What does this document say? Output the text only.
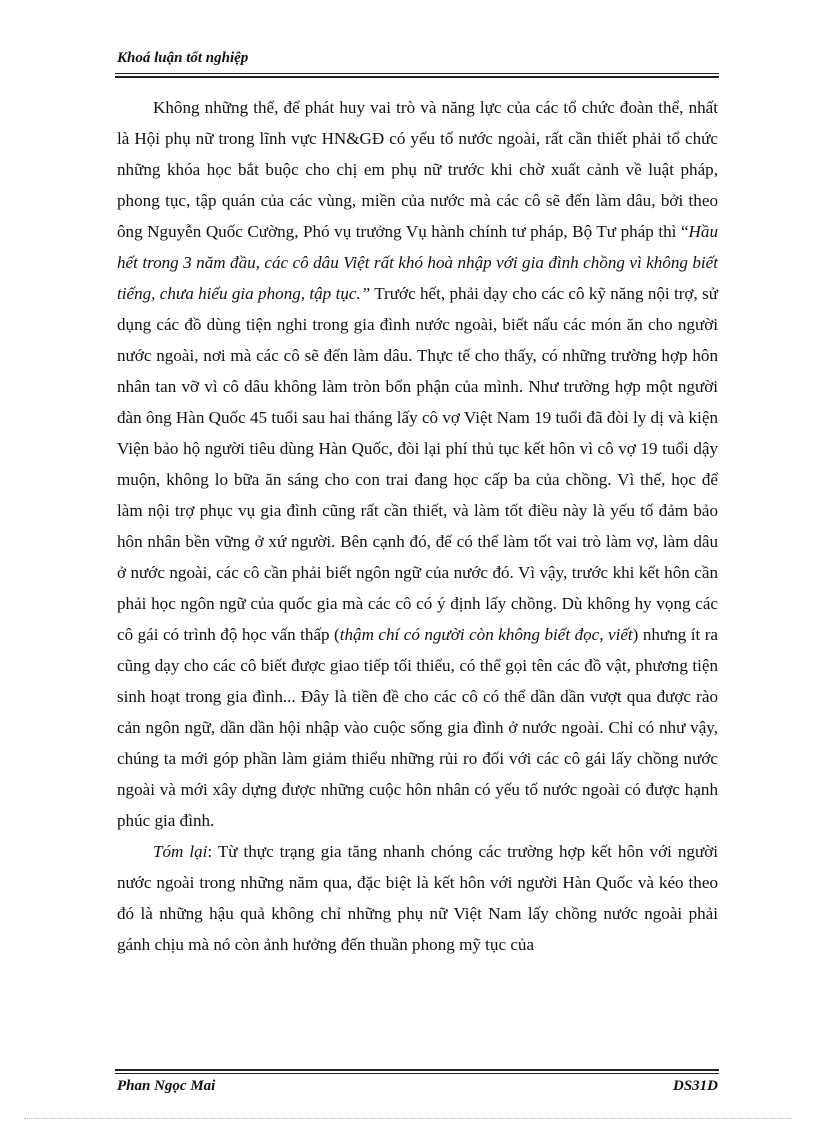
Khoá luận tốt nghiệp

Không những thế, để phát huy vai trò và năng lực của các tổ chức đoàn thể, nhất là Hội phụ nữ trong lĩnh vực HN&GĐ có yếu tố nước ngoài, rất cần thiết phải tổ chức những khóa học bắt buộc cho chị em phụ nữ trước khi chờ xuất cảnh về luật pháp, phong tục, tập quán của các vùng, miền của nước mà các cô sẽ đến làm dâu, bởi theo ông Nguyễn Quốc Cường, Phó vụ trưởng Vụ hành chính tư pháp, Bộ Tư pháp thì “Hầu hết trong 3 năm đầu, các cô dâu Việt rất khó hoà nhập với gia đình chồng vì không biết tiếng, chưa hiểu gia phong, tập tục.” Trước hết, phải dạy cho các cô kỹ năng nội trợ, sử dụng các đồ dùng tiện nghi trong gia đình nước ngoài, biết nấu các món ăn cho người nước ngoài, nơi mà các cô sẽ đến làm dâu. Thực tế cho thấy, có những trường hợp hôn nhân tan vỡ vì cô dâu không làm tròn bổn phận của mình. Như trường hợp một người đàn ông Hàn Quốc 45 tuổi sau hai tháng lấy cô vợ Việt Nam 19 tuổi đã đòi ly dị và kiện Viện bảo hộ người tiêu dùng Hàn Quốc, đòi lại phí thủ tục kết hôn vì cô vợ 19 tuổi dậy muộn, không lo bữa ăn sáng cho con trai đang học cấp ba của chồng. Vì thế, học để làm nội trợ phục vụ gia đình cũng rất cần thiết, và làm tốt điều này là yếu tố đảm bảo hôn nhân bền vững ở xứ người. Bên cạnh đó, để có thể làm tốt vai trò làm vợ, làm dâu ở nước ngoài, các cô cần phải biết ngôn ngữ của nước đó. Vì vậy, trước khi kết hôn cần phải học ngôn ngữ của quốc gia mà các cô có ý định lấy chồng. Dù không hy vọng các cô gái có trình độ học vấn thấp (thậm chí có người còn không biết đọc, viết) nhưng ít ra cũng dạy cho các cô biết được giao tiếp tối thiểu, có thể gọi tên các đồ vật, phương tiện sinh hoạt trong gia đình... Đây là tiền đề cho các cô có thể dần dần vượt qua được rào cản ngôn ngữ, dần dần hội nhập vào cuộc sống gia đình ở nước ngoài. Chỉ có như vậy, chúng ta mới góp phần làm giảm thiểu những rủi ro đối với các cô gái lấy chồng nước ngoài và mới xây dựng được những cuộc hôn nhân có yếu tố nước ngoài có được hạnh phúc gia đình.

Tóm lại: Từ thực trạng gia tăng nhanh chóng các trường hợp kết hôn với người nước ngoài trong những năm qua, đặc biệt là kết hôn với người Hàn Quốc và kéo theo đó là những hậu quả không chỉ những phụ nữ Việt Nam lấy chồng nước ngoài phải gánh chịu mà nó còn ảnh hưởng đến thuần phong mỹ tục của

Phan Ngọc Mai	DS31D
